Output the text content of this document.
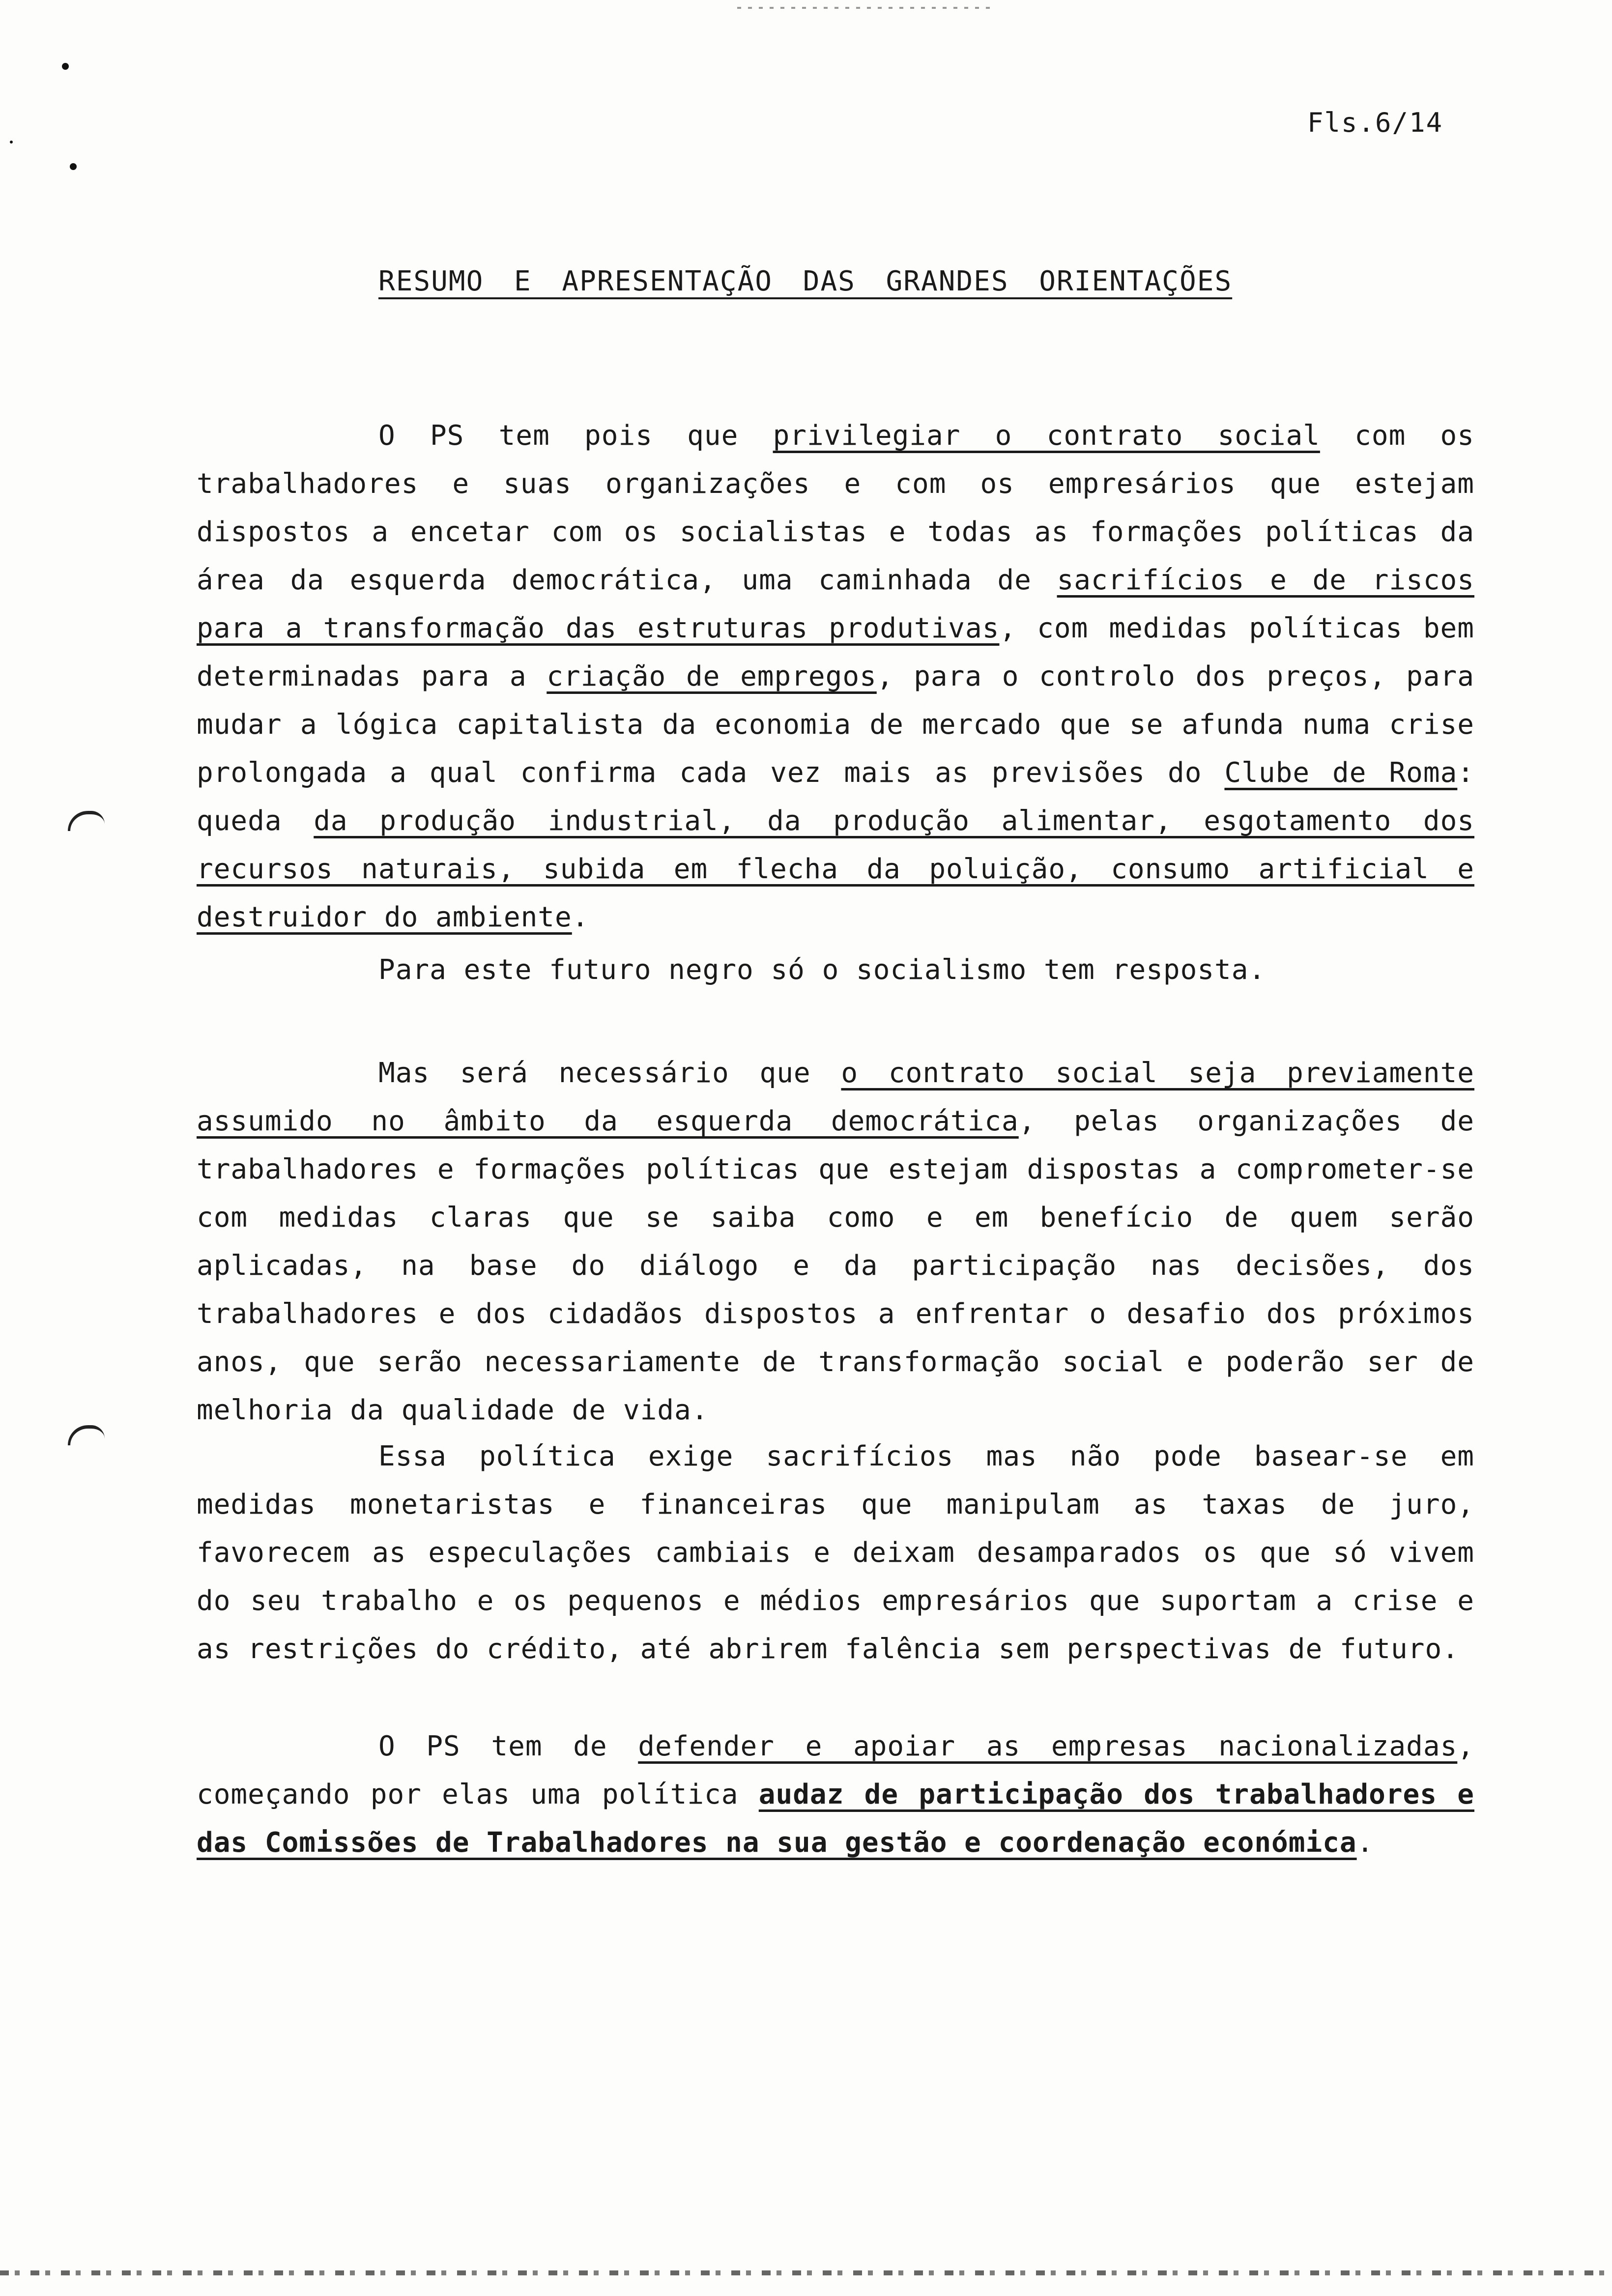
Fls.6/14
RESUMO E APRESENTAÇÃO DAS GRANDES ORIENTAÇÕES

O PS tem pois que privilegiar o contrato social com os trabalhadores e suas organizações e com os empresários que estejam dispostos a encetar com os socialistas e todas as formações políticas da área da esquerda democrática, uma caminhada de sacrifícios e de riscos para a transformação das estruturas produtivas, com medidas políticas bem determinadas para a criação de empregos, para o controlo dos preços, para mudar a lógica capitalista da economia de mercado que se afunda numa crise prolongada a qual confirma cada vez mais as previsões do Clube de Roma: queda da produção industrial, da produção alimentar, esgotamento dos recursos naturais, subida em flecha da poluição, consumo artificial e destruidor do ambiente.

Para este futuro negro só o socialismo tem resposta.

Mas será necessário que o contrato social seja previamente assumido no âmbito da esquerda democrática, pelas organizações de trabalhadores e formações políticas que estejam dispostas a comprometer-se com medidas claras que se saiba como e em benefício de quem serão aplicadas, na base do diálogo e da participação nas decisões, dos trabalhadores e dos cidadãos dispostos a enfrentar o desafio dos próximos anos, que serão necessariamente de transformação social e poderão ser de melhoria da qualidade de vida.

Essa política exige sacrifícios mas não pode basear-se em medidas monetaristas e financeiras que manipulam as taxas de juro, favorecem as especulações cambiais e deixam desamparados os que só vivem do seu trabalho e os pequenos e médios empresários que suportam a crise e as restrições do crédito, até abrirem falência sem perspectivas de futuro.

O PS tem de defender e apoiar as empresas nacionalizadas, começando por elas uma política audaz de participação dos trabalhadores e das Comissões de Trabalhadores na sua gestão e coordenação económica.
